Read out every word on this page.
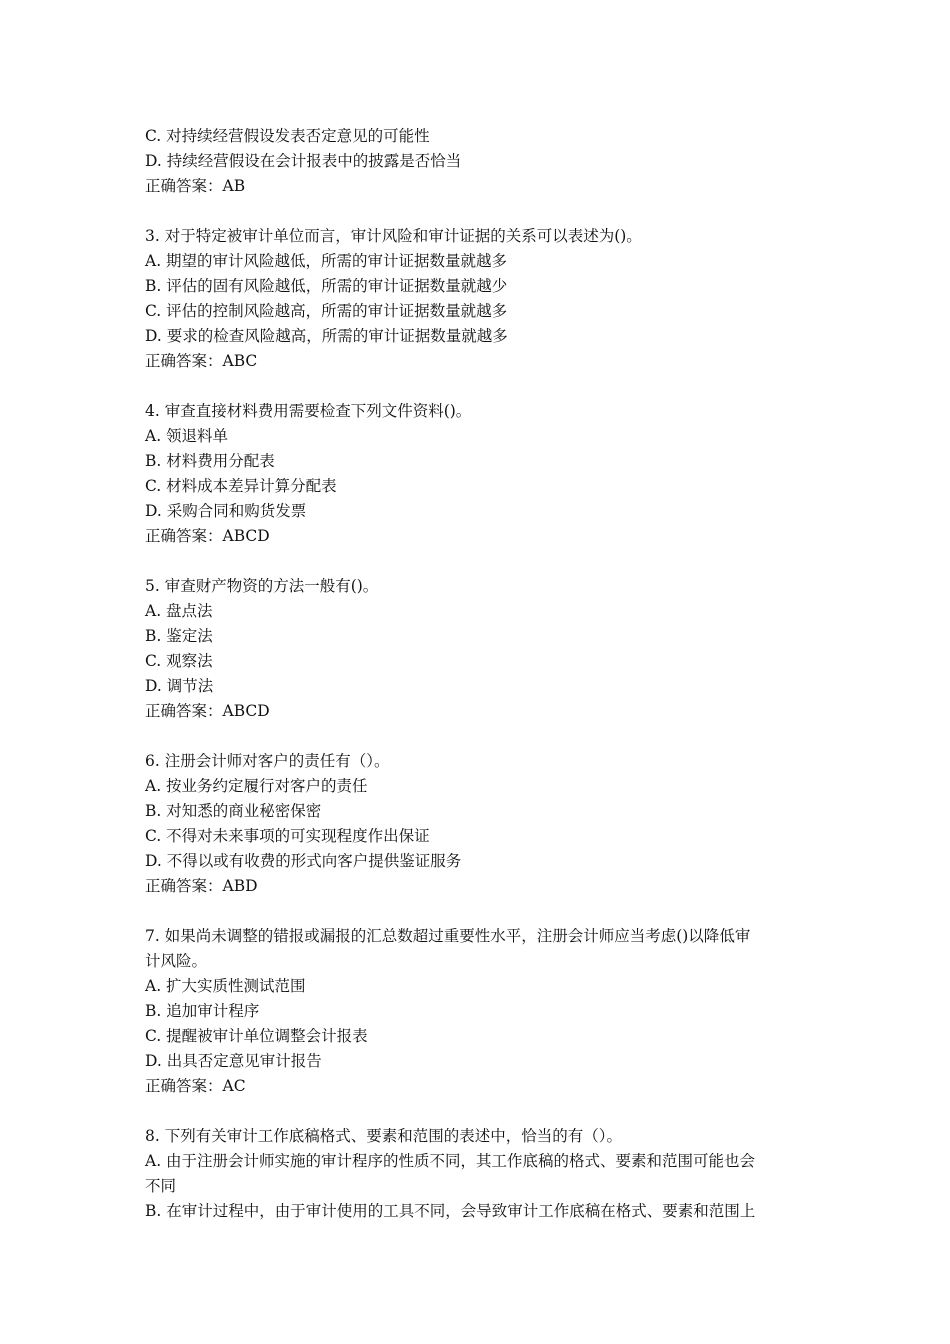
C. 对持续经营假设发表否定意见的可能性
D. 持续经营假设在会计报表中的披露是否恰当
正确答案：AB
3. 对于特定被审计单位而言，审计风险和审计证据的关系可以表述为()。
A. 期望的审计风险越低，所需的审计证据数量就越多
B. 评估的固有风险越低，所需的审计证据数量就越少
C. 评估的控制风险越高，所需的审计证据数量就越多
D. 要求的检查风险越高，所需的审计证据数量就越多
正确答案：ABC
4. 审查直接材料费用需要检查下列文件资料()。
A. 领退料单
B. 材料费用分配表
C. 材料成本差异计算分配表
D. 采购合同和购货发票
正确答案：ABCD
5. 审查财产物资的方法一般有()。
A. 盘点法
B. 鉴定法
C. 观察法
D. 调节法
正确答案：ABCD
6. 注册会计师对客户的责任有（）。
A. 按业务约定履行对客户的责任
B. 对知悉的商业秘密保密
C. 不得对未来事项的可实现程度作出保证
D. 不得以或有收费的形式向客户提供鉴证服务
正确答案：ABD
7. 如果尚未调整的错报或漏报的汇总数超过重要性水平，注册会计师应当考虑()以降低审
计风险。
A. 扩大实质性测试范围
B. 追加审计程序
C. 提醒被审计单位调整会计报表
D. 出具否定意见审计报告
正确答案：AC
8. 下列有关审计工作底稿格式、要素和范围的表述中，恰当的有（）。
A. 由于注册会计师实施的审计程序的性质不同，其工作底稿的格式、要素和范围可能也会
不同
B. 在审计过程中，由于审计使用的工具不同，会导致审计工作底稿在格式、要素和范围上
